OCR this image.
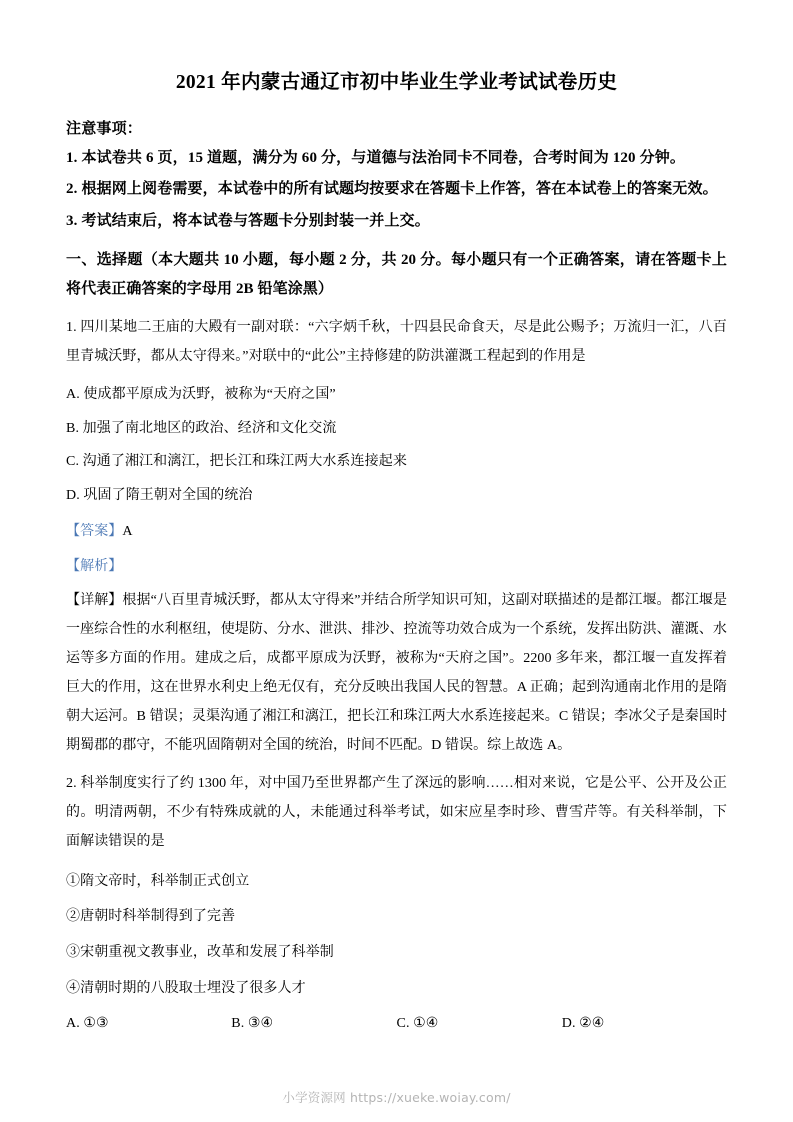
2021 年内蒙古通辽市初中毕业生学业考试试卷历史
注意事项：
1. 本试卷共 6 页，15 道题，满分为 60 分，与道德与法治同卡不同卷，合考时间为 120 分钟。
2. 根据网上阅卷需要，本试卷中的所有试题均按要求在答题卡上作答，答在本试卷上的答案无效。
3. 考试结束后，将本试卷与答题卡分别封装一并上交。
一、选择题（本大题共 10 小题，每小题 2 分，共 20 分。每小题只有一个正确答案，请在答题卡上将代表正确答案的字母用 2B 铅笔涂黑）
1. 四川某地二王庙的大殿有一副对联：“六字炳千秋，十四县民命食天，尽是此公赐予；万流归一汇，八百里青城沃野，都从太守得来。”对联中的“此公”主持修建的防洪灌溉工程起到的作用是
A. 使成都平原成为沃野，被称为“天府之国”
B. 加强了南北地区的政治、经济和文化交流
C. 沟通了湘江和漓江，把长江和珠江两大水系连接起来
D. 巩固了隋王朝对全国的统治
【答案】A
【解析】
【详解】根据“八百里青城沃野，都从太守得来”并结合所学知识可知，这副对联描述的是都江堰。都江堰是一座综合性的水利枢纽，使堤防、分水、泄洪、排沙、控流等功效合成为一个系统，发挥出防洪、灌溉、水运等多方面的作用。建成之后，成都平原成为沃野，被称为“天府之国”。2200 多年来，都江堰一直发挥着巨大的作用，这在世界水利史上绝无仅有，充分反映出我国人民的智慧。A 正确；起到沟通南北作用的是隋朝大运河。B 错误；灵渠沟通了湘江和漓江，把长江和珠江两大水系连接起来。C 错误；李冰父子是秦国时期蜀郡的郡守，不能巩固隋朝对全国的统治，时间不匹配。D 错误。综上故选 A。
2. 科举制度实行了约 1300 年，对中国乃至世界都产生了深远的影响……相对来说，它是公平、公开及公正的。明清两朝，不少有特殊成就的人，未能通过科举考试，如宋应星李时珍、曹雪芹等。有关科举制，下面解读错误的是
①隋文帝时，科举制正式创立
②唐朝时科举制得到了完善
③宋朝重视文教事业，改革和发展了科举制
④清朝时期的八股取士埋没了很多人才
A. ①③	B. ③④	C. ①④	D. ②④
小学资源网 https://xueke.woiay.com/
